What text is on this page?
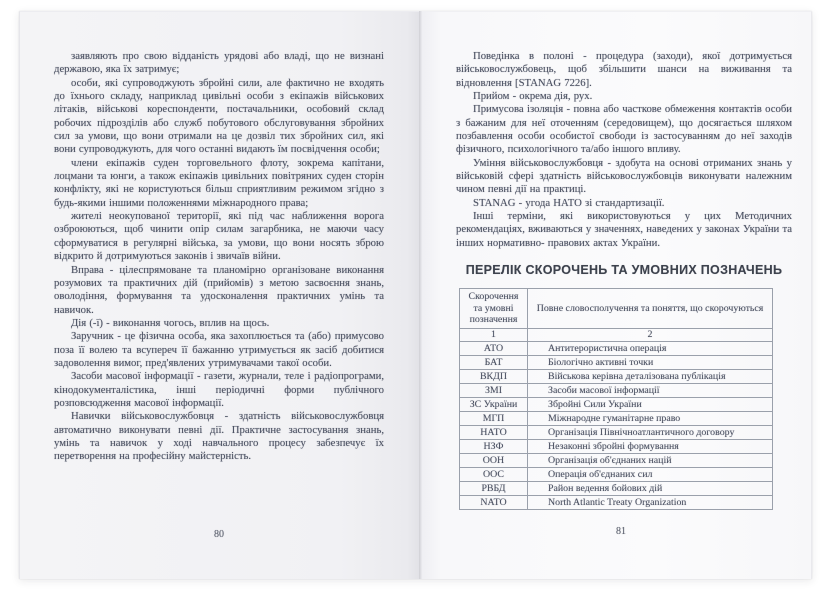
заявляють про свою відданість урядові або владі, що не визнані державою, яка їх затримує;

особи, які супроводжують збройні сили, але фактично не входять до їхнього складу, наприклад цивільні особи з екіпажів військових літаків, військові кореспонденти, постачальники, особовий склад робочих підрозділів або служб побутового обслуговування збройних сил за умови, що вони отримали на це дозвіл тих збройних сил, які вони супроводжують, для чого останні видають їм посвідчення особи;

члени екіпажів суден торговельного флоту, зокрема капітани, лоцмани та юнги, а також екіпажів цивільних повітряних суден сторін конфлікту, які не користуються більш сприятливим режимом згідно з будь-якими іншими положеннями міжнародного права;

жителі неокупованої території, які під час наближення ворога озброюються, щоб чинити опір силам загарбника, не маючи часу сформуватися в регулярні війська, за умови, що вони носять зброю відкрито й дотримуються законів і звичаїв війни.

Вправа - цілеспрямоване та планомірно організоване виконання розумових та практичних дій (прийомів) з метою засвоєння знань, оволодіння, формування та удосконалення практичних умінь та навичок.

Дія (-ї) - виконання чогось, вплив на щось.

Заручник - це фізична особа, яка захоплюється та (або) примусово поза її волею та всупереч її бажанню утримується як засіб добитися задоволення вимог, пред'явлених утримувачами такої особи.

Засоби масової інформації - газети, журнали, теле і радіопрограми, кінодокументалістика, інші періодичні форми публічного розповсюдження масової інформації.

Навички військовослужбовця - здатність військовослужбовця автоматично виконувати певні дії. Практичне застосування знань, умінь та навичок у ході навчального процесу забезпечує їх перетворення на професійну майстерність.

80

Поведінка в полоні - процедура (заходи), якої дотримується військовослужбовець, щоб збільшити шанси на виживання та відновлення [STANAG 7226].

Прийом - окрема дія, рух.

Примусова ізоляція - повна або часткове обмеження контактів особи з бажаним для неї оточенням (середовищем), що досягається шляхом позбавлення особи особистої свободи із застосуванням до неї заходів фізичного, психологічного та/або іншого впливу.

Уміння військовослужбовця - здобута на основі отриманих знань у військовій сфері здатність військовослужбовців виконувати належним чином певні дії на практиці.

STANAG - угода НАТО зі стандартизації.

Інші терміни, які використовуються у цих Методичних рекомендаціях, вживаються у значеннях, наведених у законах України та інших нормативно- правових актах України.

ПЕРЕЛІК СКОРОЧЕНЬ ТА УМОВНИХ ПОЗНАЧЕНЬ
Скорочення та умовні позначення	Повне словосполучення та поняття, що скорочуються
1	2
АТО	Антитерористична операція
БАТ	Біологічно активні точки
ВКДП	Військова керівна деталізована публікація
ЗМІ	Засоби масової інформації
ЗС України	Збройні Сили України
МГП	Міжнародне гуманітарне право
НАТО	Організація Північноатлантичного договору
НЗФ	Незаконні збройні формування
ООН	Організація об'єднаних націй
ООС	Операція об'єднаних сил
РВБД	Район ведення бойових дій
NATO	North Atlantic Treaty Organization
81
